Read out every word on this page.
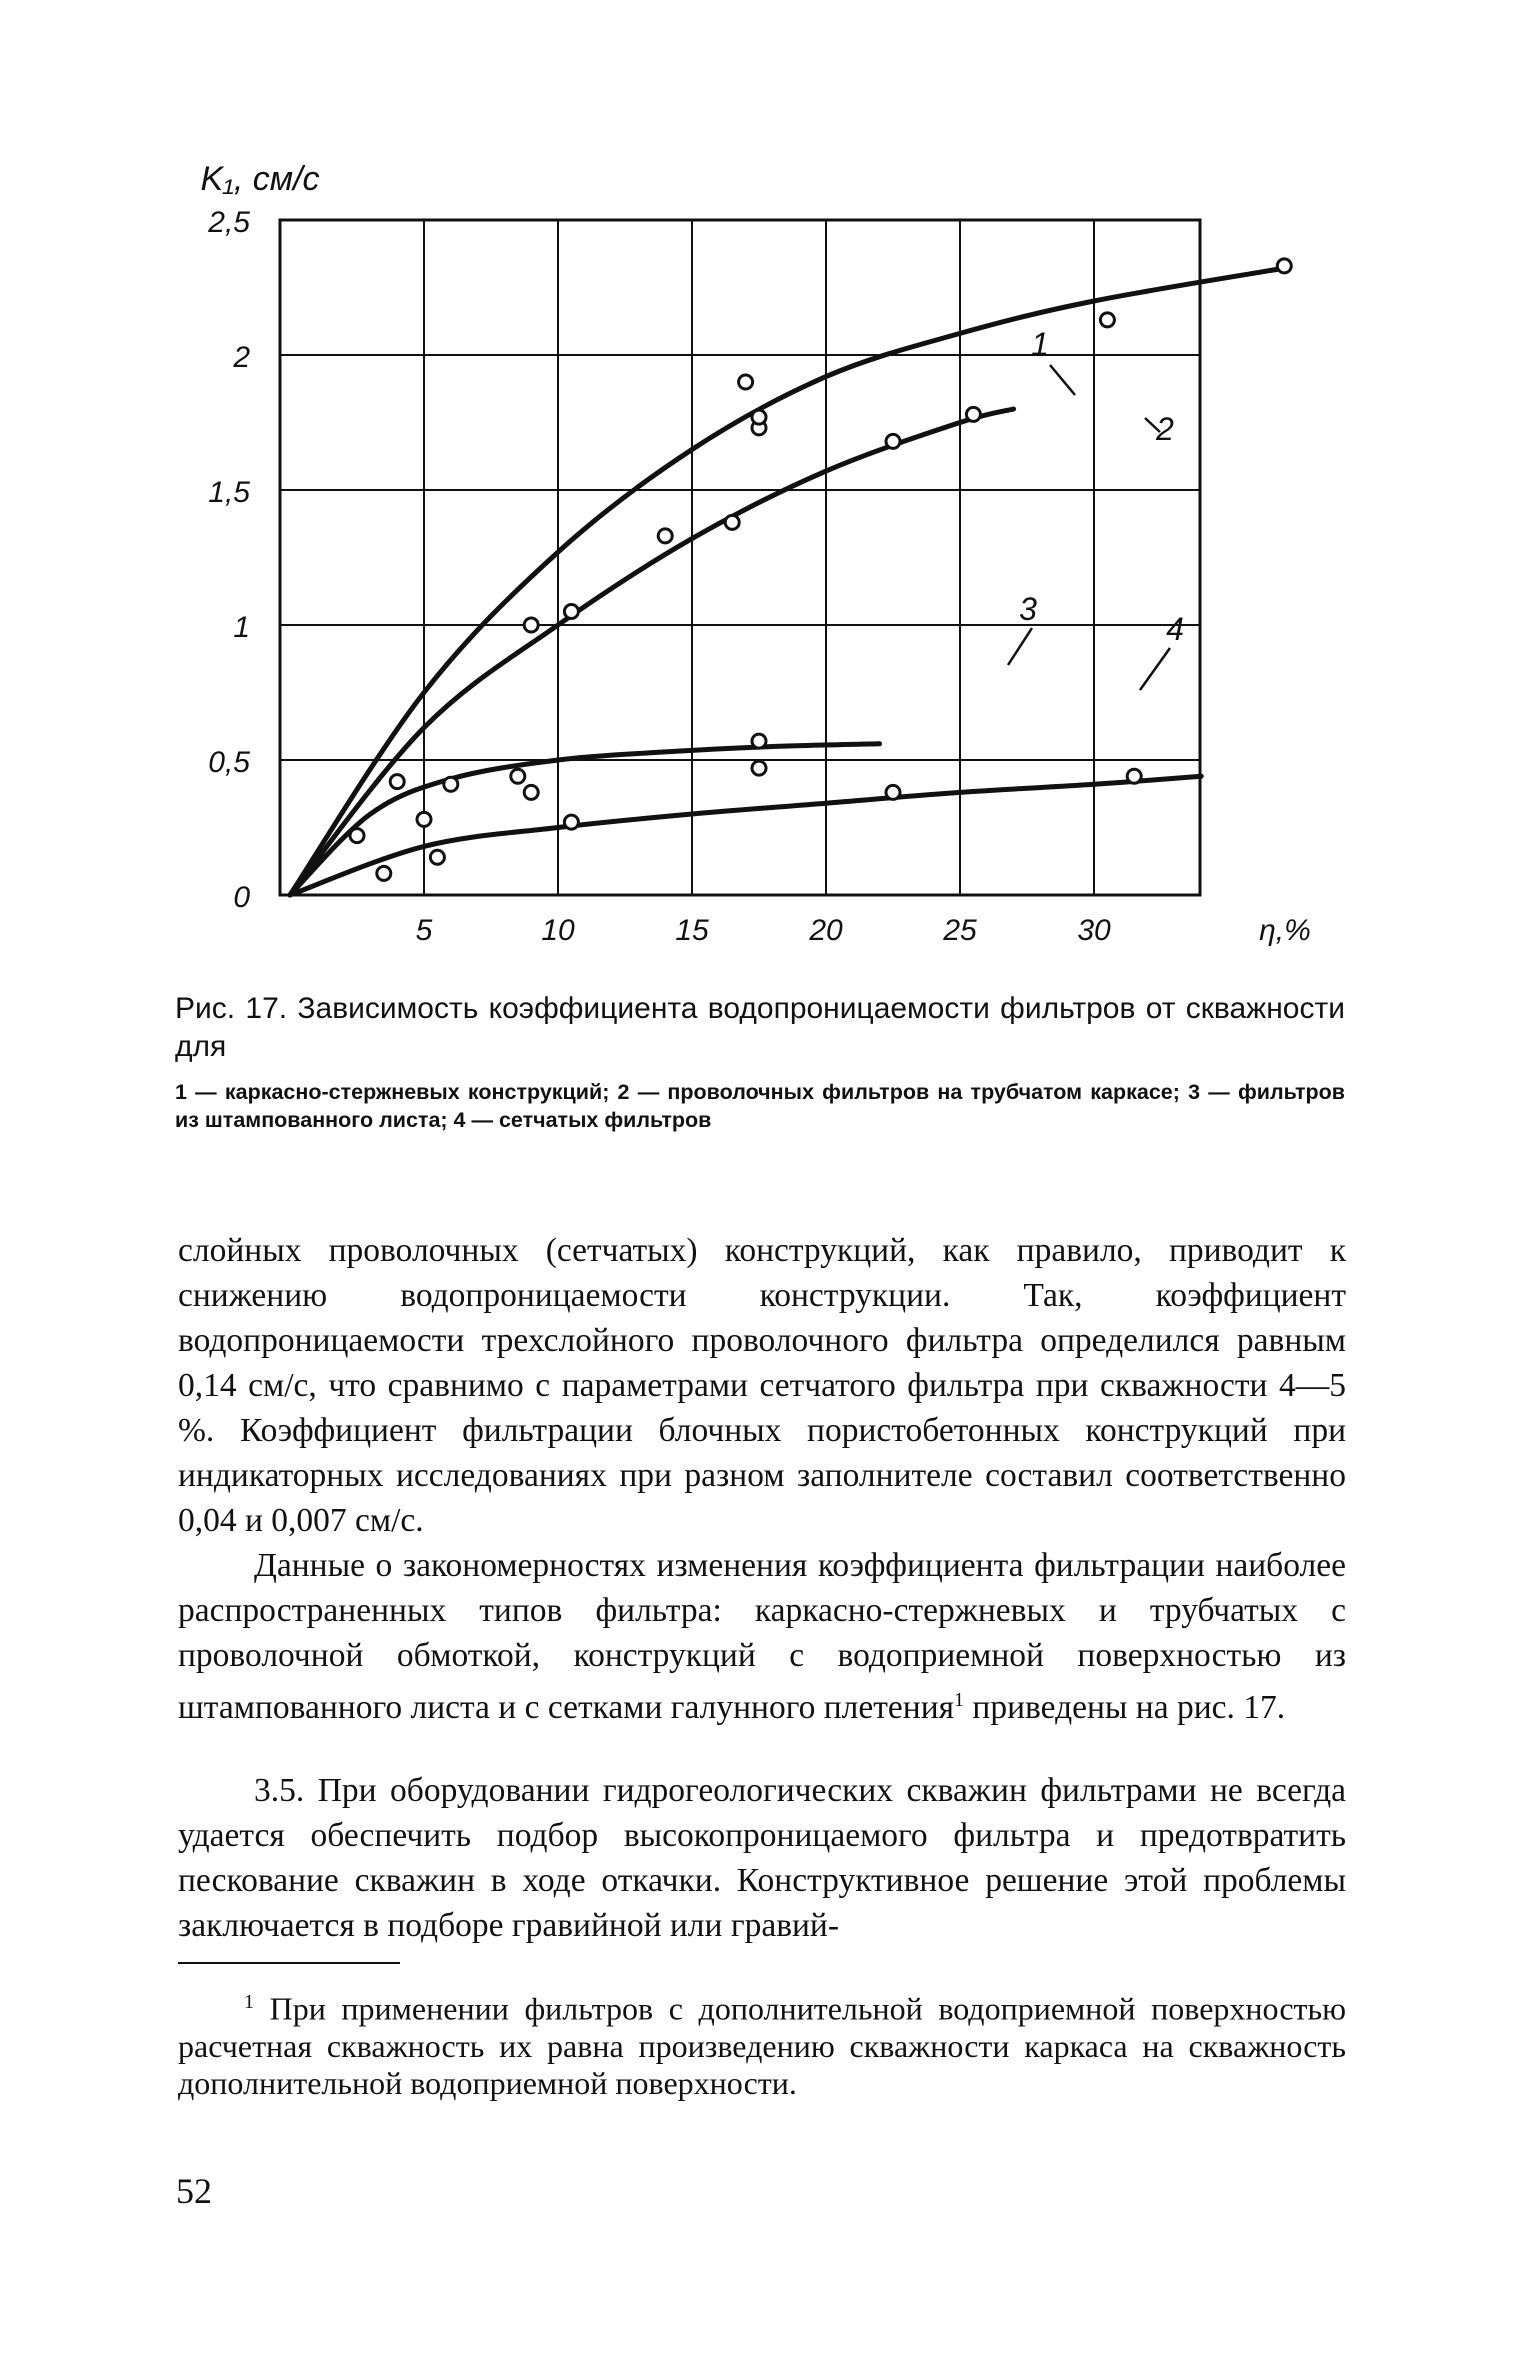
0
0,5
1
1,5
2
2,5
5	10	15	20	25	30	η,%
K₁, см/с
1
2
3
4
Рис. 17. Зависимость коэффициента водопроницаемости фильтров от скважности для
1 — каркасно-стержневых конструкций; 2 — проволочных фильтров на трубчатом каркасе; 3 — фильтров из штампованного листа; 4 — сетчатых фильтров

слойных проволочных (сетчатых) конструкций, как правило, приводит к снижению водопроницаемости конструкции. Так, коэффициент водопроницаемости трехслойного проволочного фильтра определился равным 0,14 см/с, что сравнимо с параметрами сетчатого фильтра при скважности 4—5 %. Коэффициент фильтрации блочных пористобетонных конструкций при индикаторных исследованиях при разном заполнителе составил соответственно 0,04 и 0,007 см/с.

Данные о закономерностях изменения коэффициента фильтрации наиболее распространенных типов фильтра: каркасно-стержневых и трубчатых с проволочной обмоткой, конструкций с водоприемной поверхностью из штампованного листа и с сетками галунного плетения$^1$ приведены на рис. 17.

3.5. При оборудовании гидрогеологических скважин фильтрами не всегда удается обеспечить подбор высокопроницаемого фильтра и предотвратить пескование скважин в ходе откачки. Конструктивное решение этой проблемы заключается в подборе гравийной или гравий-

$^1$ При применении фильтров с дополнительной водоприемной поверхностью расчетная скважность их равна произведению скважности каркаса на скважность дополнительной водоприемной поверхности.

52
